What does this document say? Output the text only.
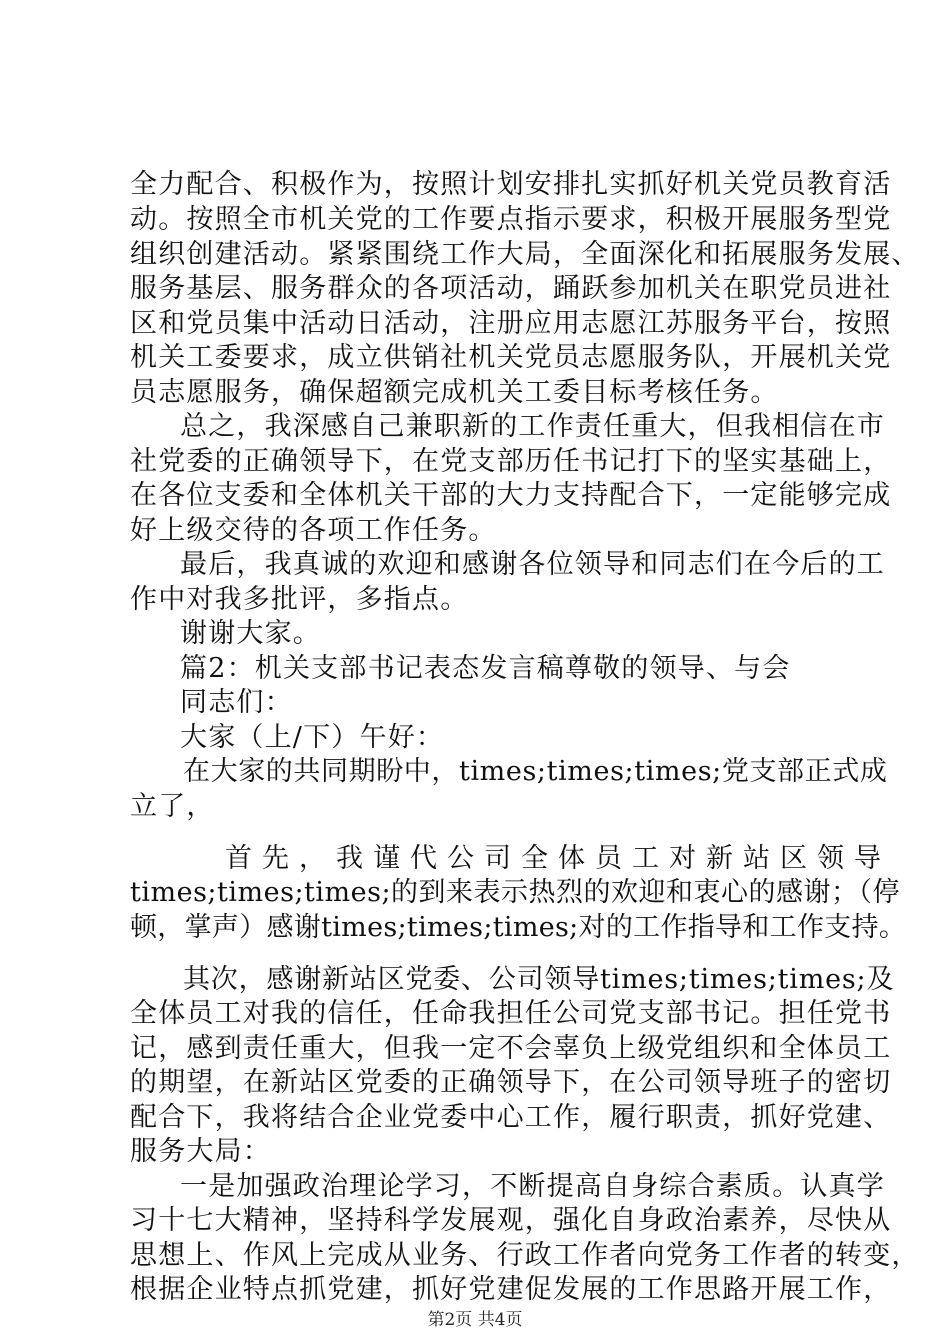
全力配合、积极作为，按照计划安排扎实抓好机关党员教育活
动。按照全市机关党的工作要点指示要求，积极开展服务型党
组织创建活动。紧紧围绕工作大局，全面深化和拓展服务发展、
服务基层、服务群众的各项活动，踊跃参加机关在职党员进社
区和党员集中活动日活动，注册应用志愿江苏服务平台，按照
机关工委要求，成立供销社机关党员志愿服务队，开展机关党
员志愿服务，确保超额完成机关工委目标考核任务。
总之，我深感自己兼职新的工作责任重大，但我相信在市
社党委的正确领导下，在党支部历任书记打下的坚实基础上，
在各位支委和全体机关干部的大力支持配合下，一定能够完成
好上级交待的各项工作任务。
最后，我真诚的欢迎和感谢各位领导和同志们在今后的工
作中对我多批评，多指点。
谢谢大家。
篇2：机关支部书记表态发言稿尊敬的领导、与会
同志们：
大家（上/下）午好：
在大家的共同期盼中，times;times;times;党支部正式成
立了，
首先，我谨代公司全体员工对新站区领导
times;times;times;的到来表示热烈的欢迎和衷心的感谢；（停
顿，掌声）感谢times;times;times;对的工作指导和工作支持。
其次，感谢新站区党委、公司领导times;times;times;及
全体员工对我的信任，任命我担任公司党支部书记。担任党书
记，感到责任重大，但我一定不会辜负上级党组织和全体员工
的期望，在新站区党委的正确领导下，在公司领导班子的密切
配合下，我将结合企业党委中心工作，履行职责，抓好党建、
服务大局：
一是加强政治理论学习，不断提高自身综合素质。认真学
习十七大精神，坚持科学发展观，强化自身政治素养，尽快从
思想上、作风上完成从业务、行政工作者向党务工作者的转变，
根据企业特点抓党建，抓好党建促发展的工作思路开展工作，
第2页 共4页
